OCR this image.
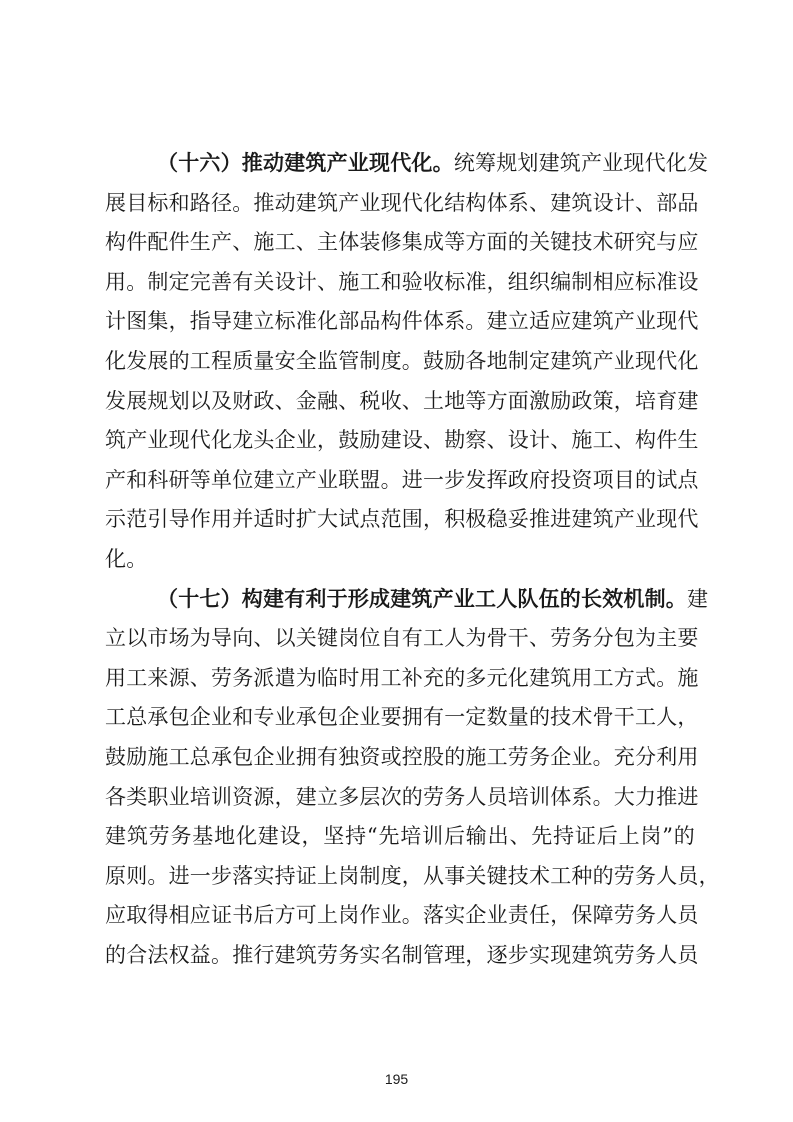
（十六）推动建筑产业现代化。统筹规划建筑产业现代化发
展目标和路径。推动建筑产业现代化结构体系、建筑设计、部品
构件配件生产、施工、主体装修集成等方面的关键技术研究与应
用。制定完善有关设计、施工和验收标准，组织编制相应标准设
计图集，指导建立标准化部品构件体系。建立适应建筑产业现代
化发展的工程质量安全监管制度。鼓励各地制定建筑产业现代化
发展规划以及财政、金融、税收、土地等方面激励政策，培育建
筑产业现代化龙头企业，鼓励建设、勘察、设计、施工、构件生
产和科研等单位建立产业联盟。进一步发挥政府投资项目的试点
示范引导作用并适时扩大试点范围，积极稳妥推进建筑产业现代
化。
（十七）构建有利于形成建筑产业工人队伍的长效机制。建
立以市场为导向、以关键岗位自有工人为骨干、劳务分包为主要
用工来源、劳务派遣为临时用工补充的多元化建筑用工方式。施
工总承包企业和专业承包企业要拥有一定数量的技术骨干工人，
鼓励施工总承包企业拥有独资或控股的施工劳务企业。充分利用
各类职业培训资源，建立多层次的劳务人员培训体系。大力推进
建筑劳务基地化建设，坚持“先培训后输出、先持证后上岗”的
原则。进一步落实持证上岗制度，从事关键技术工种的劳务人员，
应取得相应证书后方可上岗作业。落实企业责任，保障劳务人员
的合法权益。推行建筑劳务实名制管理，逐步实现建筑劳务人员
195
